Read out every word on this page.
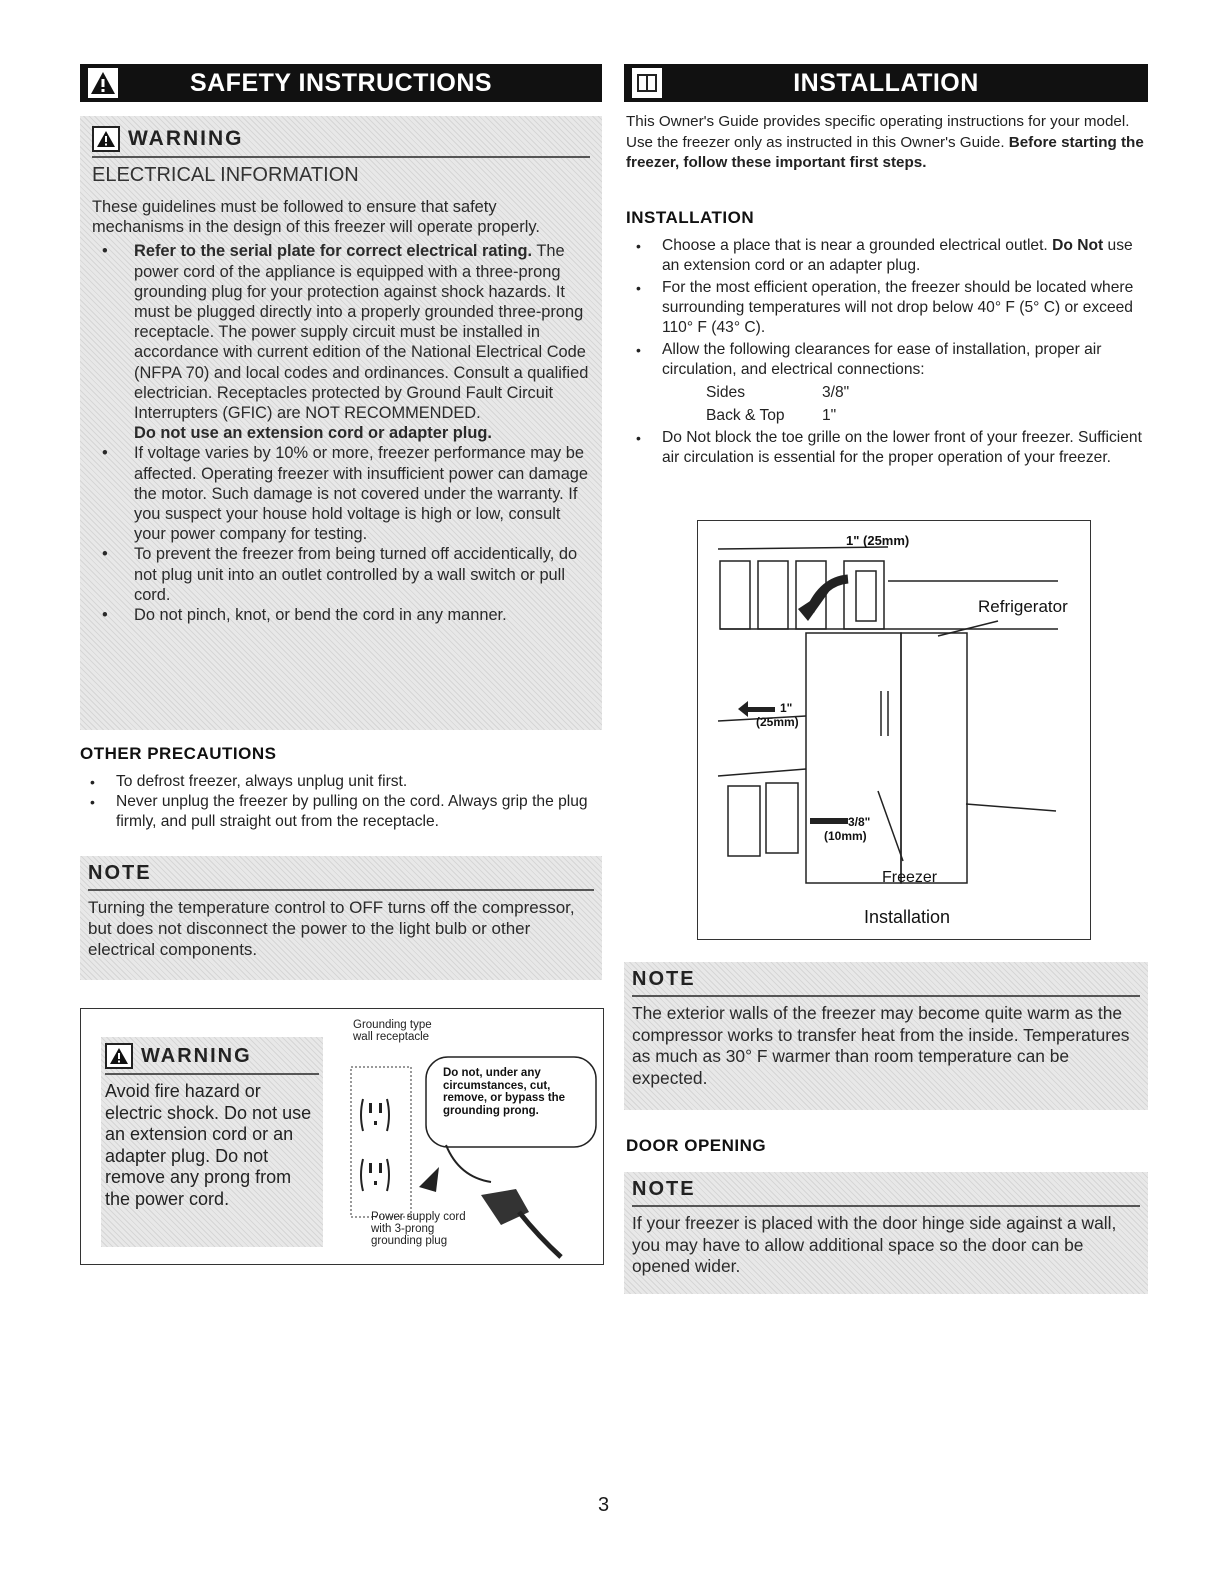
SAFETY INSTRUCTIONS
WARNING
ELECTRICAL INFORMATION
These guidelines must be followed to ensure that safety mechanisms in the design of this freezer will operate properly.
• Refer to the serial plate for correct electrical rating. The power cord of the appliance is equipped with a three-prong grounding plug for your protection against shock hazards. It must be plugged directly into a properly grounded three-prong receptacle. The power supply circuit must be installed in accordance with current edition of the National Electrical Code (NFPA 70) and local codes and ordinances. Consult a qualified electrician. Receptacles protected by Ground Fault Circuit Interrupters (GFIC) are NOT RECOMMENDED.
Do not use an extension cord or adapter plug.
• If voltage varies by 10% or more, freezer performance may be affected. Operating freezer with insufficient power can damage the motor. Such damage is not covered under the warranty. If you suspect your house hold voltage is high or low, consult your power company for testing.
• To prevent the freezer from being turned off accidentically, do not plug unit into an outlet controlled by a wall switch or pull cord.
• Do not pinch, knot, or bend the cord in any manner.
OTHER PRECAUTIONS
• To defrost freezer, always unplug unit first.
• Never unplug the freezer by pulling on the cord. Always grip the plug firmly, and pull straight out from the receptacle.
NOTE
Turning the temperature control to OFF turns off the compressor, but does not disconnect the power to the light bulb or other electrical components.
WARNING
Avoid fire hazard or electric shock. Do not use an extension cord or an adapter plug. Do not remove any prong from the power cord.
Grounding type wall receptacle
Do not, under any circumstances, cut, remove, or bypass the grounding prong.
Power supply cord with 3-prong grounding plug
INSTALLATION
This Owner's Guide provides specific operating instructions for your model. Use the freezer only as instructed in this Owner's Guide. Before starting the freezer, follow these important first steps.
INSTALLATION
• Choose a place that is near a grounded electrical outlet. Do Not use an extension cord or an adapter plug.
• For the most efficient operation, the freezer should be located where surrounding temperatures will not drop below 40° F (5° C) or exceed 110° F (43° C).
• Allow the following clearances for ease of installation, proper air circulation, and electrical connections:
Sides	3/8"
Back & Top	1"
• Do Not block the toe grille on the lower front of your freezer. Sufficient air circulation is essential for the proper operation of your freezer.
1" (25mm)
1"
(25mm)
3/8"
(10mm)
Refrigerator
Freezer
Installation
NOTE
The exterior walls of the freezer may become quite warm as the compressor works to transfer heat from the inside. Temperatures as much as 30° F warmer than room temperature can be expected.
DOOR OPENING
NOTE
If your freezer is placed with the door hinge side against a wall, you may have to allow additional space so the door can be opened wider.
3
